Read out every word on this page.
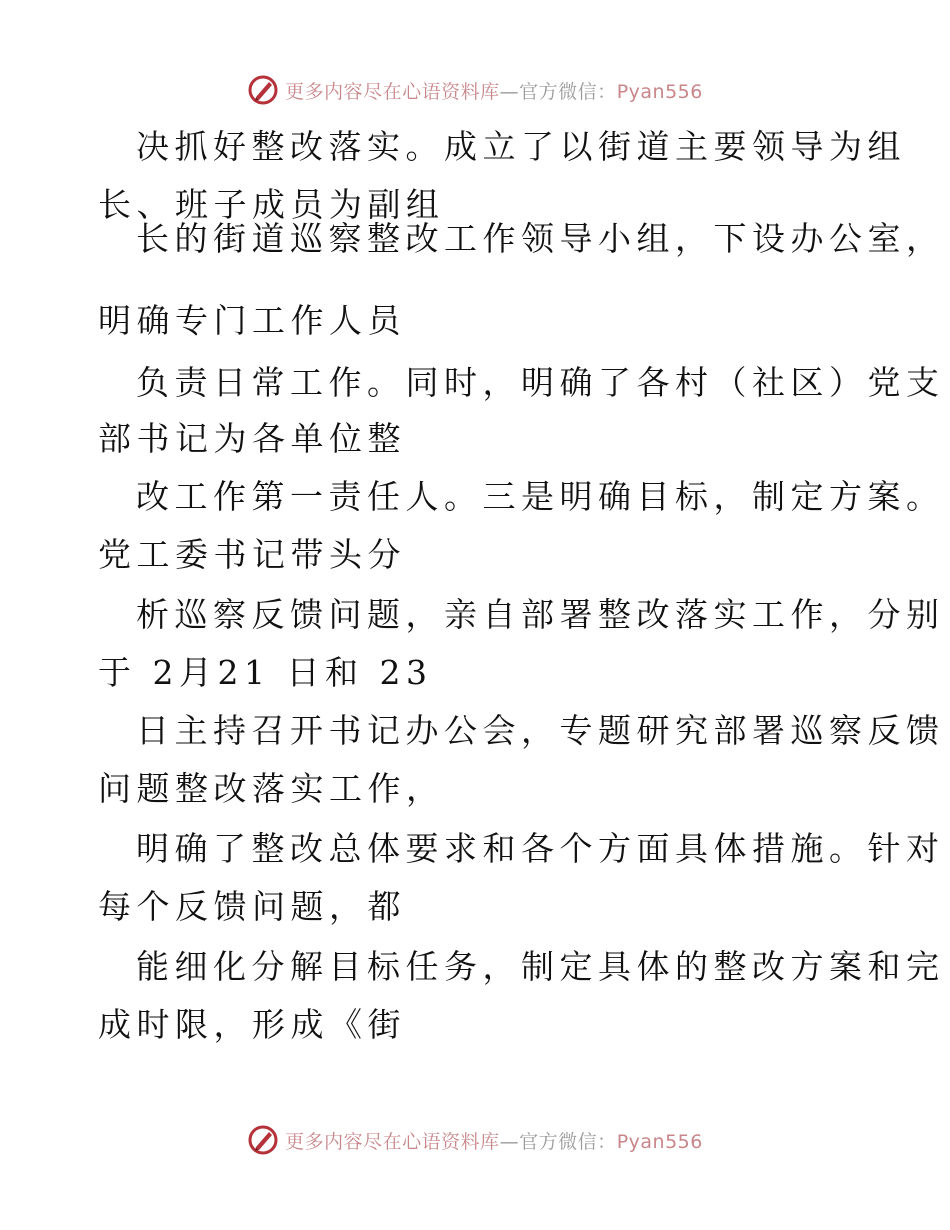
更多内容尽在心语资料库—官方微信：Pyan556
决抓好整改落实。成立了以街道主要领导为组
长、班子成员为副组
长的街道巡察整改工作领导小组，下设办公室，
明确专门工作人员
负责日常工作。同时，明确了各村（社区）党支
部书记为各单位整
改工作第一责任人。三是明确目标，制定方案。
党工委书记带头分
析巡察反馈问题，亲自部署整改落实工作，分别
于 2月21 日和 23
日主持召开书记办公会，专题研究部署巡察反馈
问题整改落实工作，
明确了整改总体要求和各个方面具体措施。针对
每个反馈问题，都
能细化分解目标任务，制定具体的整改方案和完
成时限，形成《街
更多内容尽在心语资料库—官方微信：Pyan556
